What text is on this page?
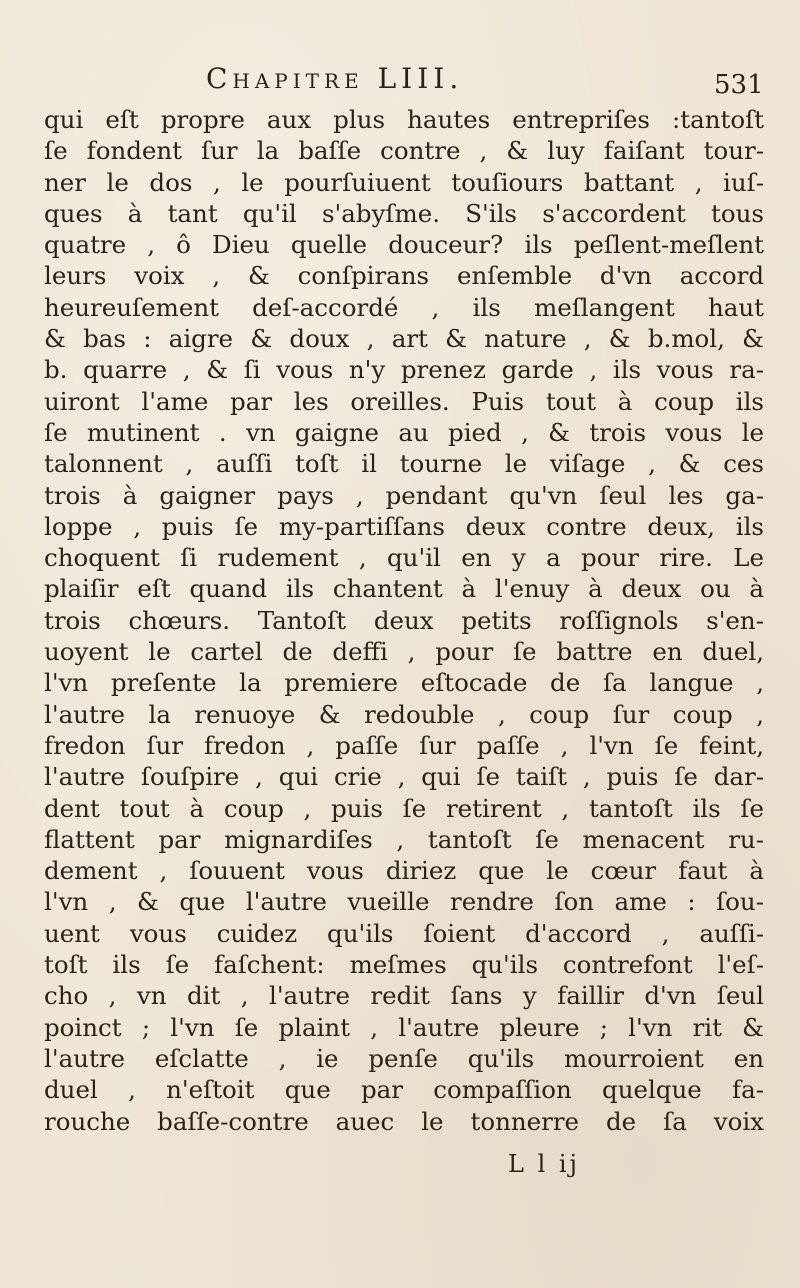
Chapitre LIII.	531
qui eſt propre aux plus hautes entrepriſes :tantoſt
ſe fondent ſur la baſſe contre , & luy faiſant tour-
ner le dos , le pourſuiuent touſiours battant , iuſ-
ques à tant qu'il s'abyſme. S'ils s'accordent tous
quatre , ô Dieu quelle douceur? ils peſlent-meſlent
leurs voix , & conſpirans enſemble d'vn accord
heureuſement deſ-accordé , ils meſlangent haut
& bas : aigre & doux , art & nature , & b.mol, &
b. quarre , & ſi vous n'y prenez garde , ils vous ra-
uiront l'ame par les oreilles. Puis tout à coup ils
ſe mutinent . vn gaigne au pied , & trois vous le
talonnent , auſſi toſt il tourne le viſage , & ces
trois à gaigner pays , pendant qu'vn ſeul les ga-
loppe , puis ſe my-partiſſans deux contre deux, ils
choquent ſi rudement , qu'il en y a pour rire. Le
plaiſir eſt quand ils chantent à l'enuy à deux ou à
trois chœurs. Tantoſt deux petits roſſignols s'en-
uoyent le cartel de deffi , pour ſe battre en duel,
l'vn preſente la premiere eſtocade de ſa langue ,
l'autre la renuoye & redouble , coup ſur coup ,
fredon ſur fredon , paſſe ſur paſſe , l'vn ſe feint,
l'autre ſouſpire , qui crie , qui ſe taiſt , puis ſe dar-
dent tout à coup , puis ſe retirent , tantoſt ils ſe
flattent par mignardiſes , tantoſt ſe menacent ru-
dement , ſouuent vous diriez que le cœur faut à
l'vn , & que l'autre vueille rendre ſon ame : ſou-
uent vous cuidez qu'ils ſoient d'accord , auſſi-
toſt ils ſe faſchent: meſmes qu'ils contrefont l'eſ-
cho , vn dit , l'autre redit ſans y faillir d'vn ſeul
poinct ; l'vn ſe plaint , l'autre pleure ; l'vn rit &
l'autre eſclatte , ie penſe qu'ils mourroient en
duel , n'eſtoit que par compaſſion quelque fa-
rouche baſſe-contre auec le tonnerre de ſa voix
L l ij
